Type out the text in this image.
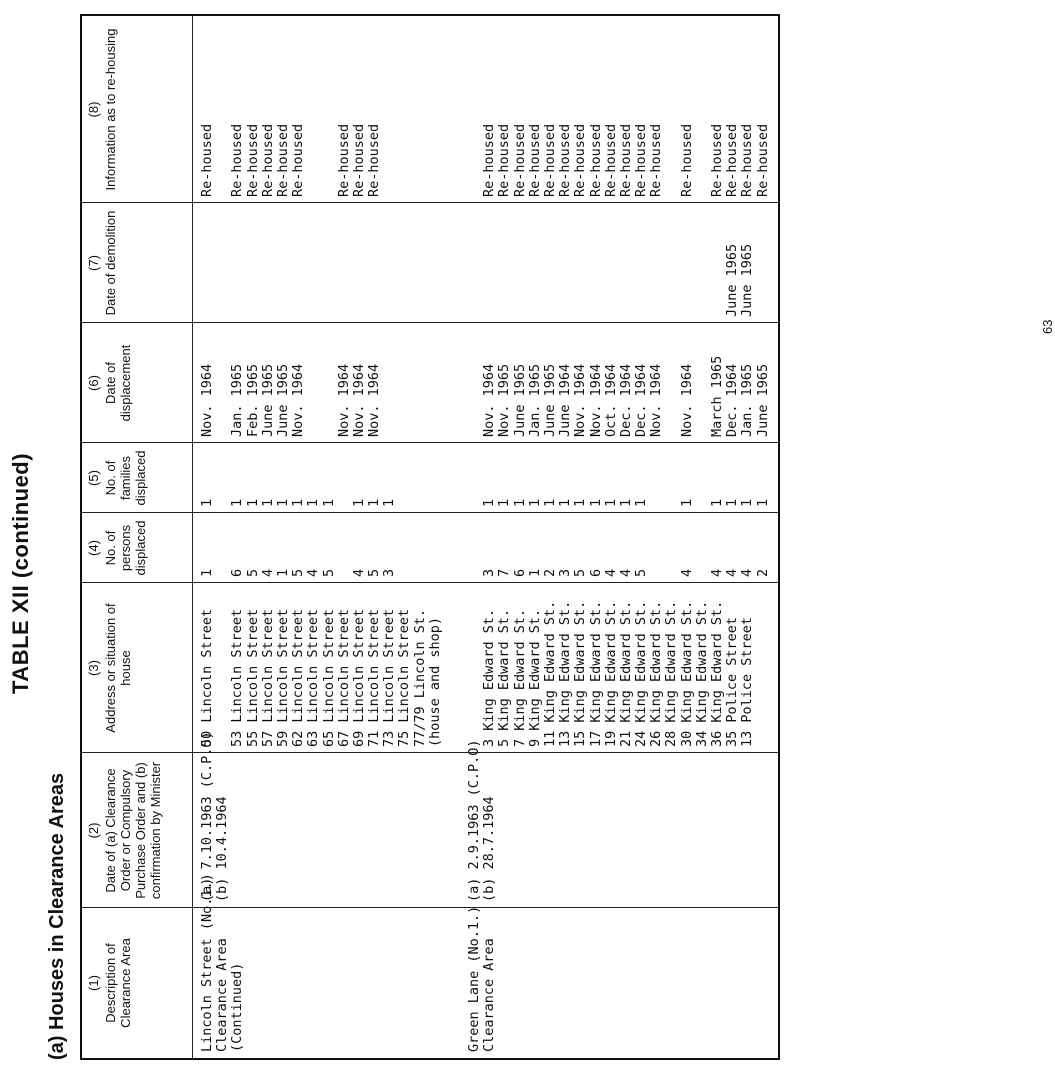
TABLE XII (continued)
(a) Houses in Clearance Areas (1) Description of Clearance Area
(2) Date of (a) Clearance Order or Compulsory Purchase Order and (b) confirmation by Minister
(3) Address or situation of house
(4) No. of persons displaced
(5) No. of families displaced
(6) Date of displacement
(7) Date of demolition
(8) Information as to re-housing
Lincoln Street (No.1.)
Clearance Area
(Continued)
(a) 7.10.1963 (C.P.O)
(b) 10.4.1964
50 Lincoln Street
53 Lincoln Street 55 Lincoln Street 57 Lincoln Street 59 Lincoln Street 62 Lincoln Street 63 Lincoln Street 65 Lincoln Street 67 Lincoln Street 69 Lincoln Street 71 Lincoln Street 73 Lincoln Street 75 Lincoln Street 77/79 Lincoln St. (house and shop)
1
6 5 4 1 5 4 5
4 5 3

1
1 1 1 1 1 1 1
1 1 1

Nov. 1964
Jan. 1965 Feb. 1965 June 1965 June 1965 Nov. 1964

Nov. 1964 Nov. 1964 Nov. 1964

Re-housed
Re-housed Re-housed Re-housed Re-housed Re-housed

Re-housed Re-housed Re-housed

Green Lane (No.1.)
Clearance Area
(a) 2.9.1963 (C.P.O)
(b) 28.7.1964

3 King Edward St. 5 King Edward St. 7 King Edward St. 9 King Edward St. 11 King Edward St. 13 King Edward St. 15 King Edward St. 17 King Edward St. 19 King Edward St. 21 King Edward St. 24 King Edward St. 26 King Edward St. 28 King Edward St. 30 King Edward St. 34 King Edward St. 36 King Edward St. 35 Police Street 13 Police Street

3 7 6 1 2 3 5 6 4 4 5

4
4 4 4 2

1 1 1 1 1 1 1 1 1 1 1

1
1 1 1 1

Nov. 1964 Nov. 1965 June 1965 Jan. 1965 June 1965 June 1964 Nov. 1964 Nov. 1964 Oct. 1964 Dec. 1964 Dec. 1964 Nov. 1964
Nov. 1964
March 1965 Dec. 1964 Jan. 1965 June 1965

June 1965 June 1965

Re-housed Re-housed Re-housed Re-housed Re-housed Re-housed Re-housed Re-housed Re-housed Re-housed Re-housed Re-housed
Re-housed
Re-housed Re-housed Re-housed Re-housed
63
